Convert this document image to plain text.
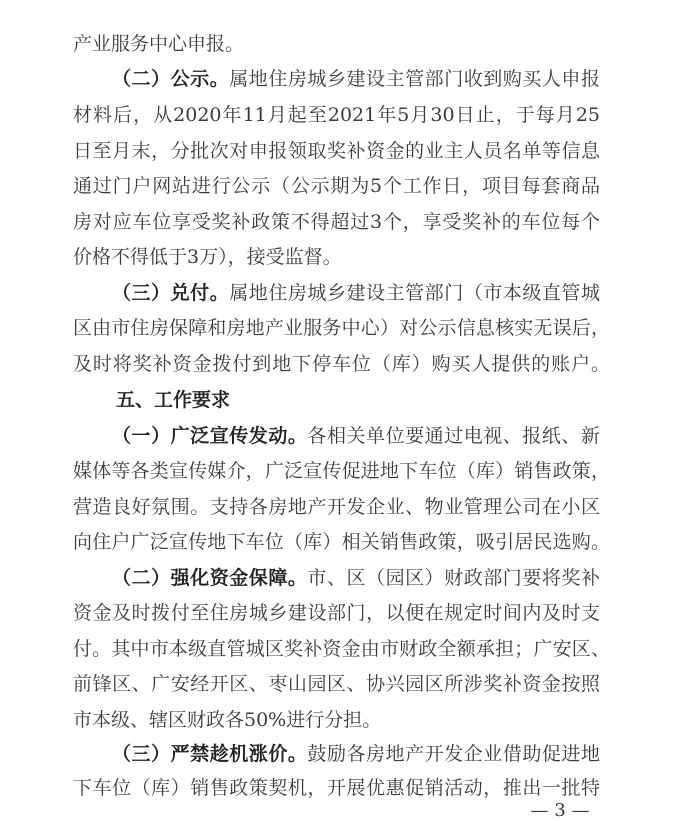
产业服务中心申报。
（二）公示。属地住房城乡建设主管部门收到购买人申报
材料后，从2020年11月起至2021年5月30日止，于每月25
日至月末，分批次对申报领取奖补资金的业主人员名单等信息
通过门户网站进行公示（公示期为5个工作日，项目每套商品
房对应车位享受奖补政策不得超过3个，享受奖补的车位每个
价格不得低于3万），接受监督。
（三）兑付。属地住房城乡建设主管部门（市本级直管城
区由市住房保障和房地产业服务中心）对公示信息核实无误后，
及时将奖补资金拨付到地下停车位（库）购买人提供的账户。
五、工作要求
（一）广泛宣传发动。各相关单位要通过电视、报纸、新
媒体等各类宣传媒介，广泛宣传促进地下车位（库）销售政策，
营造良好氛围。支持各房地产开发企业、物业管理公司在小区
向住户广泛宣传地下车位（库）相关销售政策，吸引居民选购。
（二）强化资金保障。市、区（园区）财政部门要将奖补
资金及时拨付至住房城乡建设部门，以便在规定时间内及时支
付。其中市本级直管城区奖补资金由市财政全额承担；广安区、
前锋区、广安经开区、枣山园区、协兴园区所涉奖补资金按照
市本级、辖区财政各50%进行分担。
（三）严禁趁机涨价。鼓励各房地产开发企业借助促进地
下车位（库）销售政策契机，开展优惠促销活动，推出一批特
— 3 —
